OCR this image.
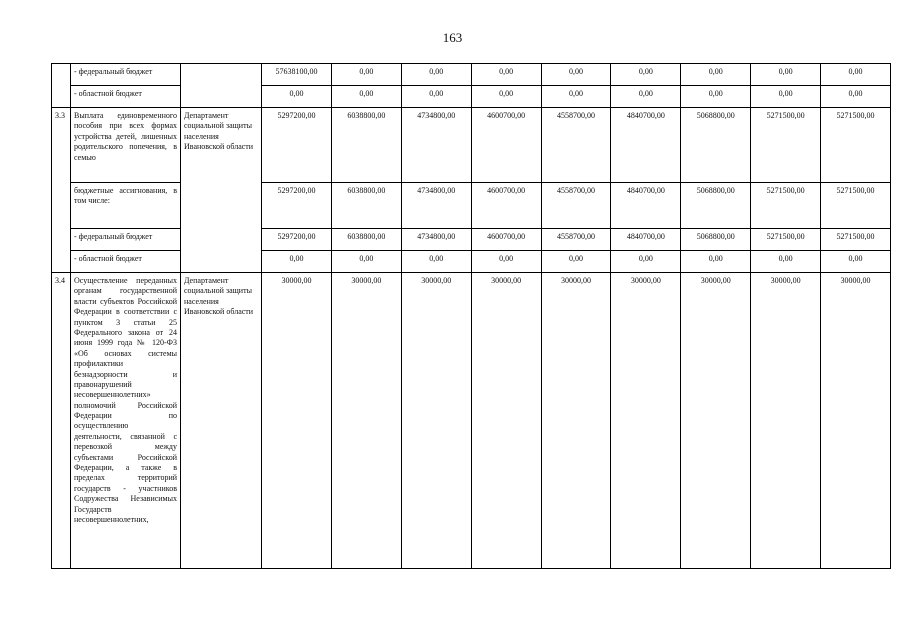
163
	- федеральный бюджет		57638100,00	0,00	0,00	0,00	0,00	0,00	0,00	0,00	0,00
	- областной бюджет		0,00	0,00	0,00	0,00	0,00	0,00	0,00	0,00	0,00
3.3	Выплата единовременного пособия при всех формах устройства детей, лишенных родительского попечения, в семью	Департамент социальной защиты населения Ивановской области	5297200,00	6038800,00	4734800,00	4600700,00	4558700,00	4840700,00	5068800,00	5271500,00	5271500,00
	бюджетные ассигнования, в том числе:		5297200,00	6038800,00	4734800,00	4600700,00	4558700,00	4840700,00	5068800,00	5271500,00	5271500,00
	- федеральный бюджет		5297200,00	6038800,00	4734800,00	4600700,00	4558700,00	4840700,00	5068800,00	5271500,00	5271500,00
	- областной бюджет		0,00	0,00	0,00	0,00	0,00	0,00	0,00	0,00	0,00
3.4	Осуществление переданных органам государственной власти субъектов Российской Федерации в соответствии с пунктом 3 статьи 25 Федерального закона от 24 июня 1999 года № 120-ФЗ «Об основах системы профилактики безнадзорности и правонарушений несовершеннолетних» полномочий Российской Федерации по осуществлению деятельности, связанной с перевозкой между субъектами Российской Федерации, а также в пределах территорий государств - участников Содружества Независимых Государств несовершеннолетних,	Департамент социальной защиты населения Ивановской области	30000,00	30000,00	30000,00	30000,00	30000,00	30000,00	30000,00	30000,00	30000,00
